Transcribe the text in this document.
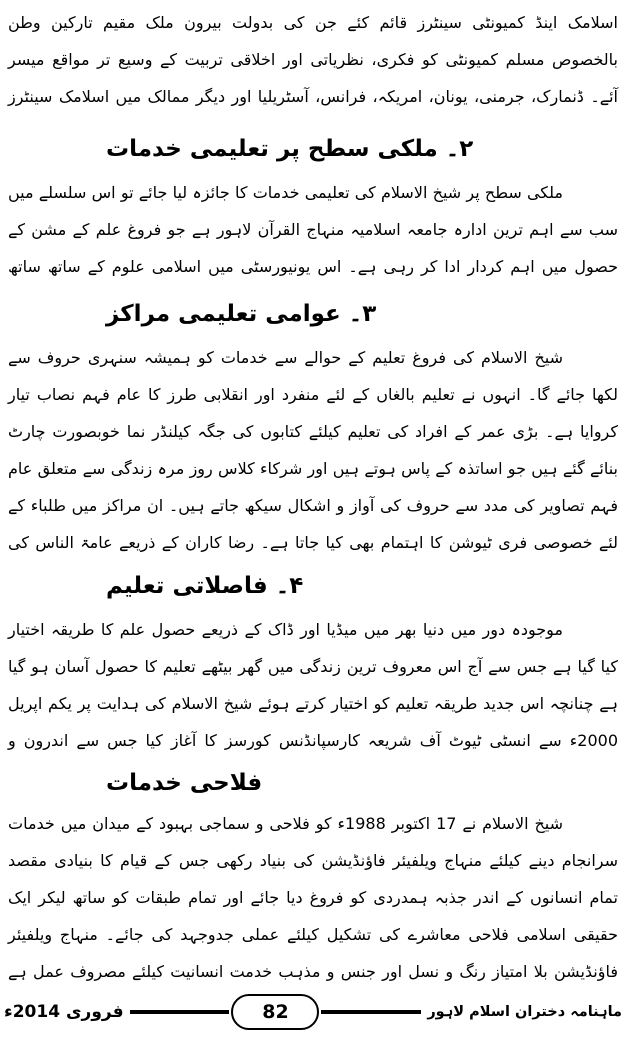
اسلامک اینڈ کمیونٹی سینٹرز قائم کئے جن کی بدولت بیرون ملک مقیم تارکین وطن بالخصوص مسلم کمیونٹی کو فکری، نظریاتی اور اخلاقی تربیت کے وسیع تر مواقع میسر آئے۔ ڈنمارک، جرمنی، یونان، امریکہ، فرانس، آسٹریلیا اور دیگر ممالک میں اسلامک سینٹرز
۲۔ ملکی سطح پر تعلیمی خدمات
ملکی سطح پر شیخ الاسلام کی تعلیمی خدمات کا جائزہ لیا جائے تو اس سلسلے میں سب سے اہم ترین ادارہ جامعہ اسلامیہ منہاج القرآن لاہور ہے جو فروغ علم کے مشن کے حصول میں اہم کردار ادا کر رہی ہے۔ اس یونیورسٹی میں اسلامی علوم کے ساتھ ساتھ
۳۔ عوامی تعلیمی مراکز
شیخ الاسلام کی فروغ تعلیم کے حوالے سے خدمات کو ہمیشہ سنہری حروف سے لکھا جائے گا۔ انہوں نے تعلیم بالغاں کے لئے منفرد اور انقلابی طرز کا عام فہم نصاب تیار کروایا ہے۔ بڑی عمر کے افراد کی تعلیم کیلئے کتابوں کی جگہ کیلنڈر نما خوبصورت چارٹ بنائے گئے ہیں جو اساتذہ کے پاس ہوتے ہیں اور شرکاء کلاس روز مرہ زندگی سے متعلق عام فہم تصاویر کی مدد سے حروف کی آواز و اشکال سیکھ جاتے ہیں۔ ان مراکز میں طلباء کے لئے خصوصی فری ٹیوشن کا اہتمام بھی کیا جاتا ہے۔ رضا کاران کے ذریعے عامۃ الناس کی
۴۔ فاصلاتی تعلیم
موجودہ دور میں دنیا بھر میں میڈیا اور ڈاک کے ذریعے حصول علم کا طریقہ اختیار کیا گیا ہے جس سے آج اس معروف ترین زندگی میں گھر بیٹھے تعلیم کا حصول آسان ہو گیا ہے چنانچہ اس جدید طریقہ تعلیم کو اختیار کرتے ہوئے شیخ الاسلام کی ہدایت پر یکم اپریل 2000ء سے انسٹی ٹیوٹ آف شریعہ کارسپانڈنس کورسز کا آغاز کیا جس سے اندرون و
فلاحی خدمات
شیخ الاسلام نے 17 اکتوبر 1988ء کو فلاحی و سماجی بہبود کے میدان میں خدمات سرانجام دینے کیلئے منہاج ویلفیئر فاؤنڈیشن کی بنیاد رکھی جس کے قیام کا بنیادی مقصد تمام انسانوں کے اندر جذبہ ہمدردی کو فروغ دیا جائے اور تمام طبقات کو ساتھ لیکر ایک حقیقی اسلامی فلاحی معاشرے کی تشکیل کیلئے عملی جدوجہد کی جائے۔ منہاج ویلفیئر فاؤنڈیشن بلا امتیاز رنگ و نسل اور جنس و مذہب خدمت انسانیت کیلئے مصروف عمل ہے
فروری 2014ء	82	ماہنامہ دختران اسلام لاہور
